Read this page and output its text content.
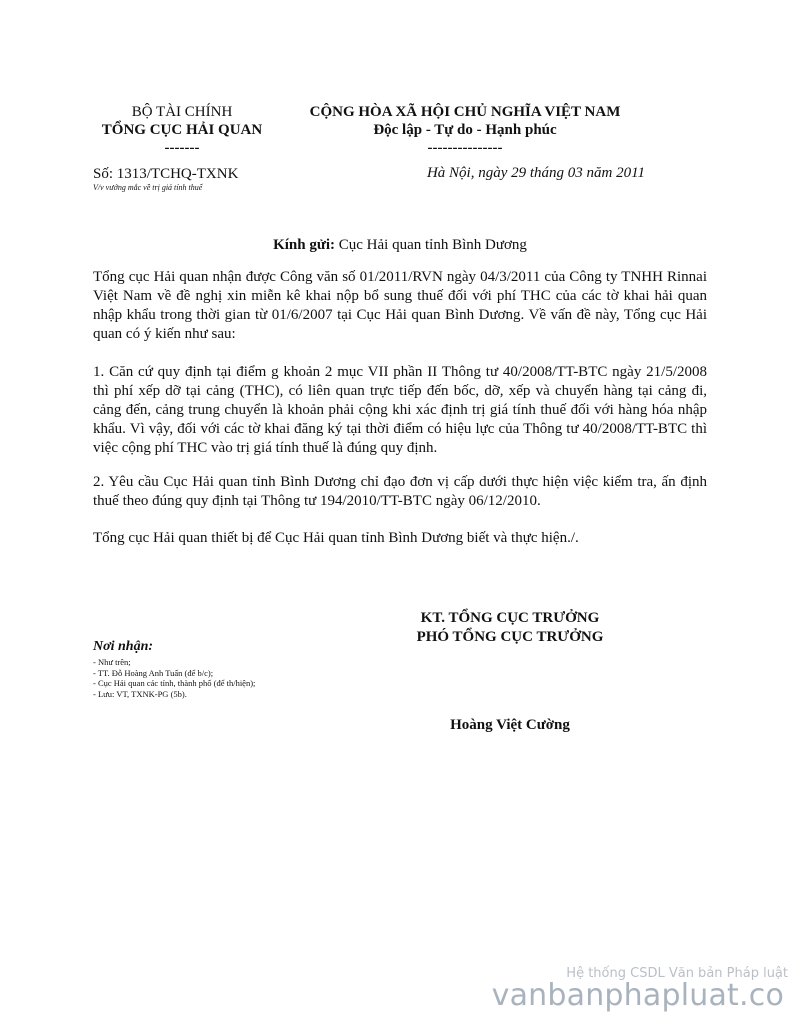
BỘ TÀI CHÍNH
TỔNG CỤC HẢI QUAN
-------
CỘNG HÒA XÃ HỘI CHỦ NGHĨA VIỆT NAM
Độc lập - Tự do - Hạnh phúc
---------------
Số: 1313/TCHQ-TXNK
V/v vướng mắc về trị giá tính thuế
Hà Nội, ngày 29 tháng 03 năm 2011
Kính gửi: Cục Hải quan tỉnh Bình Dương
Tổng cục Hải quan nhận được Công văn số 01/2011/RVN ngày 04/3/2011 của Công ty TNHH Rinnai Việt Nam về đề nghị xin miễn kê khai nộp bổ sung thuế đối với phí THC của các tờ khai hải quan nhập khẩu trong thời gian từ 01/6/2007 tại Cục Hải quan Bình Dương. Về vấn đề này, Tổng cục Hải quan có ý kiến như sau:
1. Căn cứ quy định tại điểm g khoản 2 mục VII phần II Thông tư 40/2008/TT-BTC ngày 21/5/2008 thì phí xếp dỡ tại cảng (THC), có liên quan trực tiếp đến bốc, dỡ, xếp và chuyển hàng tại cảng đi, cảng đến, cảng trung chuyển là khoản phải cộng khi xác định trị giá tính thuế đối với hàng hóa nhập khẩu. Vì vậy, đối với các tờ khai đăng ký tại thời điểm có hiệu lực của Thông tư 40/2008/TT-BTC thì việc cộng phí THC vào trị giá tính thuế là đúng quy định.
2. Yêu cầu Cục Hải quan tỉnh Bình Dương chỉ đạo đơn vị cấp dưới thực hiện việc kiểm tra, ấn định thuế theo đúng quy định tại Thông tư 194/2010/TT-BTC ngày 06/12/2010.
Tổng cục Hải quan thiết bị để Cục Hải quan tỉnh Bình Dương biết và thực hiện./.
KT. TỔNG CỤC TRƯỞNG
PHÓ TỔNG CỤC TRƯỞNG
Hoàng Việt Cường
Nơi nhận:
- Như trên;
- TT. Đỗ Hoàng Anh Tuấn (để b/c);
- Cục Hải quan các tỉnh, thành phố (để th/hiện);
- Lưu: VT, TXNK-PG (5b).
Hệ thống CSDL Văn bản Pháp luật
vanbanphapluat.co
